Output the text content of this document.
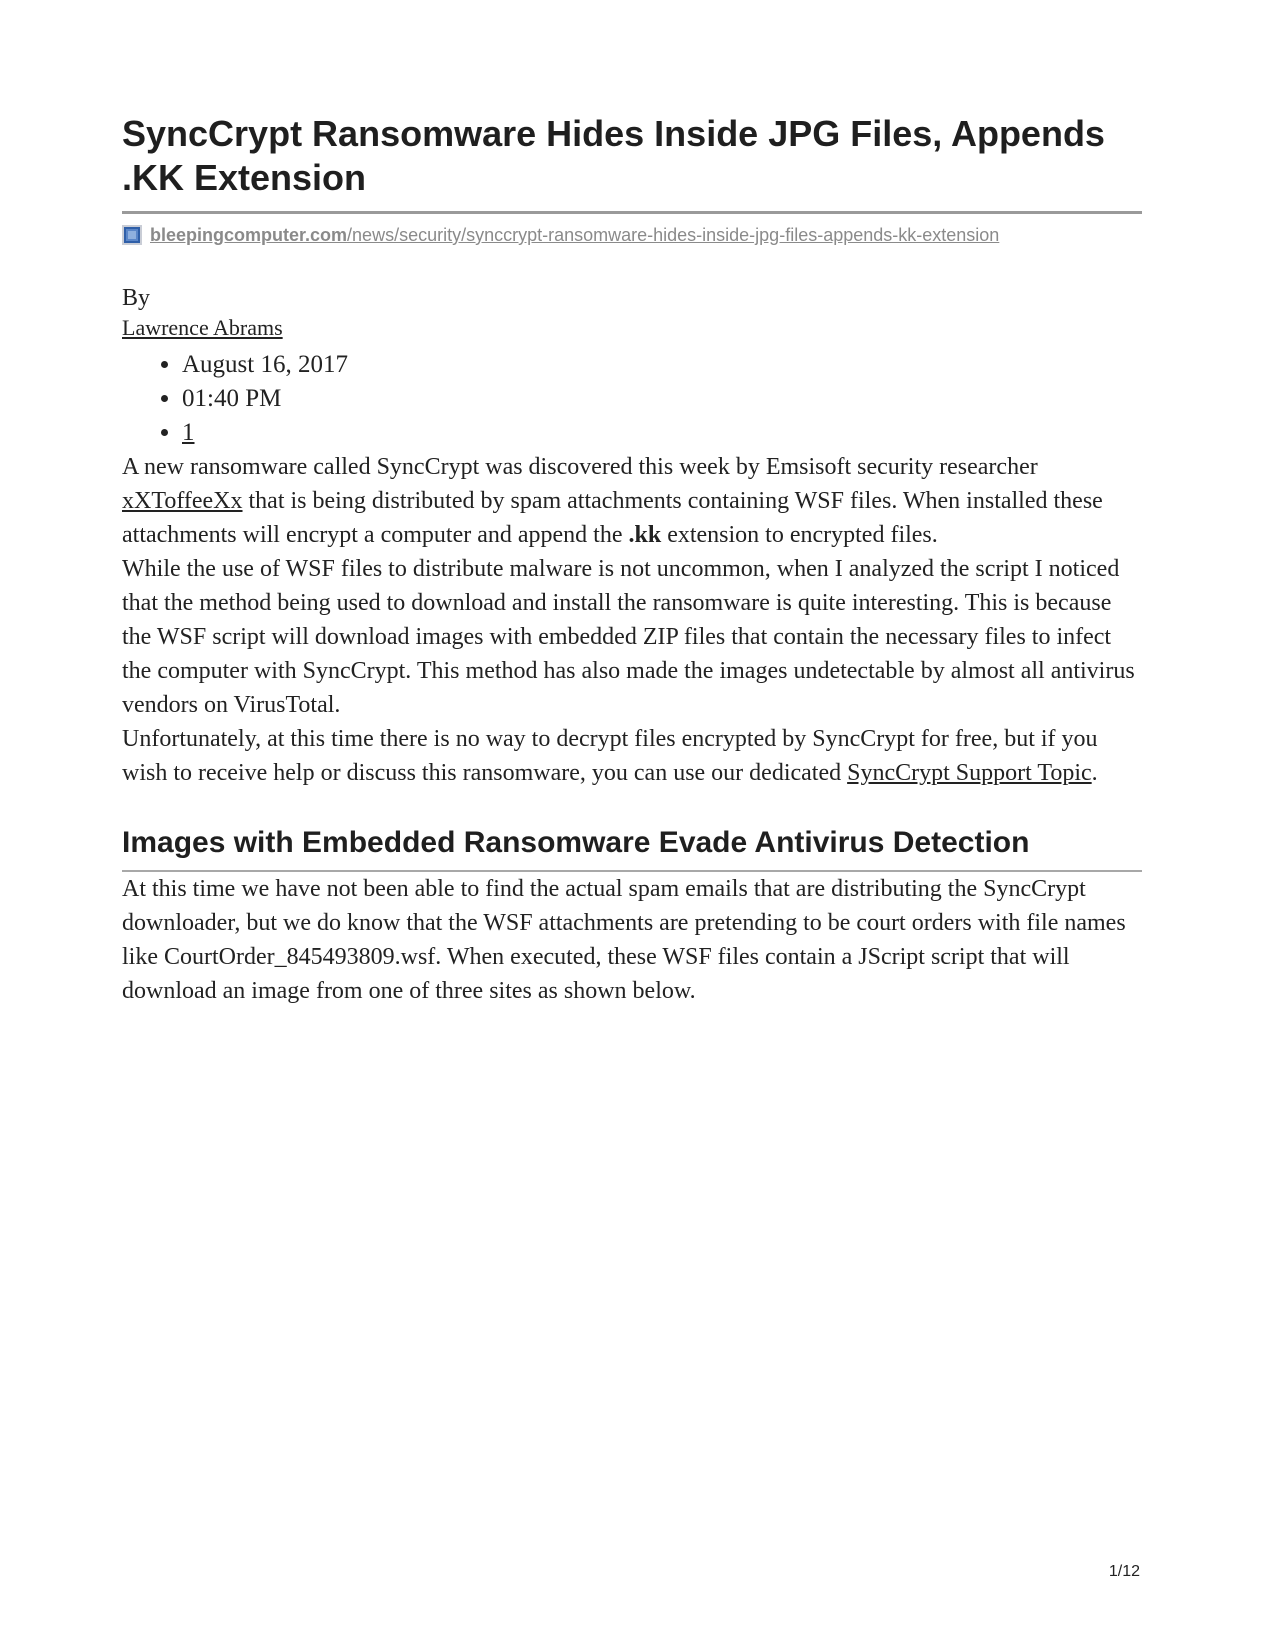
SyncCrypt Ransomware Hides Inside JPG Files, Appends .KK Extension
bleepingcomputer.com/news/security/synccrypt-ransomware-hides-inside-jpg-files-appends-kk-extension
By
Lawrence Abrams
• August 16, 2017
• 01:40 PM
• 1

A new ransomware called SyncCrypt was discovered this week by Emsisoft security researcher xXToffeeXx that is being distributed by spam attachments containing WSF files. When installed these attachments will encrypt a computer and append the .kk extension to encrypted files.

While the use of WSF files to distribute malware is not uncommon, when I analyzed the script I noticed that the method being used to download and install the ransomware is quite interesting. This is because the WSF script will download images with embedded ZIP files that contain the necessary files to infect the computer with SyncCrypt. This method has also made the images undetectable by almost all antivirus vendors on VirusTotal.

Unfortunately, at this time there is no way to decrypt files encrypted by SyncCrypt for free, but if you wish to receive help or discuss this ransomware, you can use our dedicated SyncCrypt Support Topic.

Images with Embedded Ransomware Evade Antivirus Detection

At this time we have not been able to find the actual spam emails that are distributing the SyncCrypt downloader, but we do know that the WSF attachments are pretending to be court orders with file names like CourtOrder_845493809.wsf. When executed, these WSF files contain a JScript script that will download an image from one of three sites as shown below.

1/12
